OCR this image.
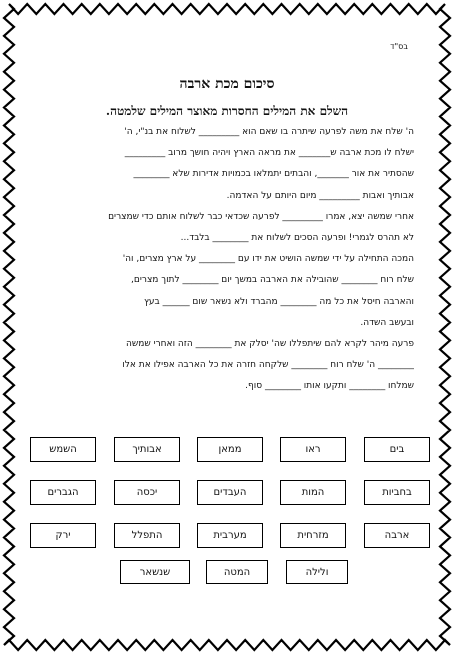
בס"ד
סיכום מכת ארבה
השלם את המילים החסרות מאוצר המילים שלמטה.
ה' שלח את משה לפרעה שיתרה בו שאם הוא _________ לשלוח את בנ"י, ה'
ישלח לו מכת ארבה ש_______ את מראה הארץ ויהיה חושך מרוב _________
שהסתיר את אור _______, והבתים יתמלאו בכמויות אדירות שלא ________
אבותיך ואבות _________ מיום היותם על האדמה.
אחרי שמשה יצא, אמרו _________ לפרעה שכדאי כבר לשלוח אותם כדי שמצרים
לא תהרס לגמרי! ופרעה הסכים לשלוח את ________ בלבד...
המכה התחילה על ידי שמשה הושיט את ידו עם ________ על ארץ מצרים, וה'
שלח רוח ________ שהובילה את הארבה במשך יום ________ לתוך מצרים,
והארבה חיסל את כל מה ________ מהברד ולא נשאר שום ______ בעץ
ובעשב השדה.
פרעה מיהר לקרא להם שיתפללו שה' יסלק את ________ הזה ואחרי שמשה
________ ה' שלח רוח ________ שלקחה חזרה את כל הארבה אפילו את אלו
שמלחו ________ ותקעו אותו ________ סוף.
בים
ראו
ממאן
אבותיך
השמש
בחביות
המות
העבדים
יכסה
הגברים
ארבה
מזרחית
מערבית
התפלל
ירק
ולילה
המטה
שנשאר
